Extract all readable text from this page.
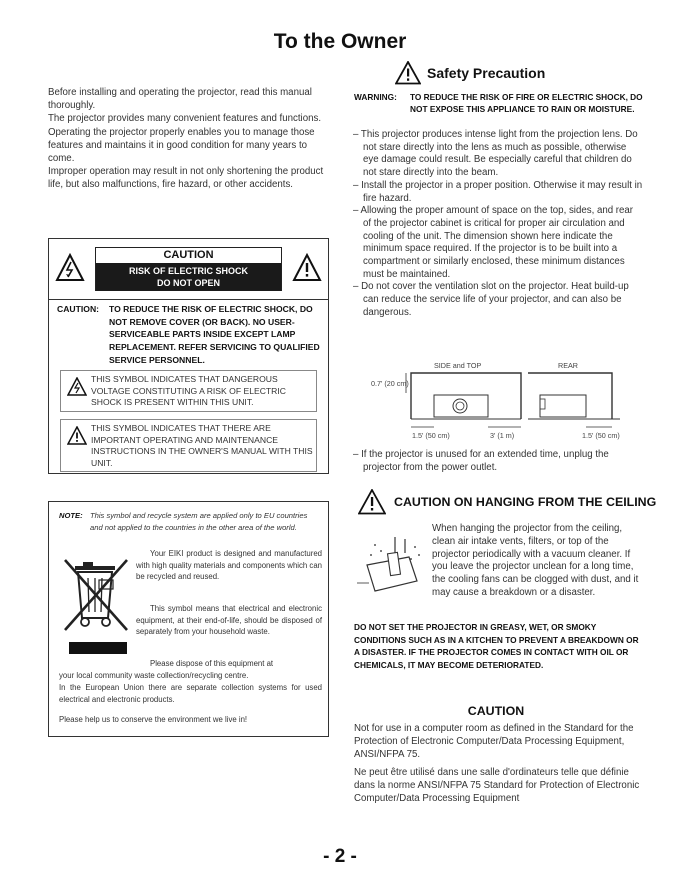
To the Owner

Before installing and operating the projector, read this manual thoroughly.

The projector provides many convenient features and functions. Operating the projector properly enables you to manage those features and maintains it in good condition for many years to come.

Improper operation may result in not only shortening the product life, but also malfunctions, fire hazard, or other accidents.

CAUTION
RISK OF ELECTRIC SHOCK
DO NOT OPEN
CAUTION: TO REDUCE THE RISK OF ELECTRIC SHOCK, DO NOT REMOVE COVER (OR BACK). NO USER-SERVICEABLE PARTS INSIDE EXCEPT LAMP REPLACEMENT. REFER SERVICING TO QUALIFIED SERVICE PERSONNEL.
THIS SYMBOL INDICATES THAT DANGEROUS VOLTAGE CONSTITUTING A RISK OF ELECTRIC SHOCK IS PRESENT WITHIN THIS UNIT.
THIS SYMBOL INDICATES THAT THERE ARE IMPORTANT OPERATING AND MAINTENANCE INSTRUCTIONS IN THE OWNER'S MANUAL WITH THIS UNIT.
NOTE: This symbol and recycle system are applied only to EU countries and not applied to the countries in the other area of the world.
Your EIKI product is designed and manufactured with high quality materials and components which can be recycled and reused.
This symbol means that electrical and electronic equipment, at their end-of-life, should be disposed of separately from your household waste.
Please dispose of this equipment at
your local community waste collection/recycling centre.
In the European Union there are separate collection systems for used electrical and electronic products.
Please help us to conserve the environment we live in!
Safety Precaution
WARNING: TO REDUCE THE RISK OF FIRE OR ELECTRIC SHOCK, DO NOT EXPOSE THIS APPLIANCE TO RAIN OR MOISTURE.
– This projector produces intense light from the projection lens. Do not stare directly into the lens as much as possible, otherwise eye damage could result. Be especially careful that children do not stare directly into the beam.
– Install the projector in a proper position. Otherwise it may result in fire hazard.
– Allowing the proper amount of space on the top, sides, and rear of the projector cabinet is critical for proper air circulation and cooling of the unit. The dimension shown here indicate the minimum space required. If the projector is to be built into a compartment or similarly enclosed, these minimum distances must be maintained.
– Do not cover the ventilation slot on the projector. Heat build-up can reduce the service life of your projector, and can also be dangerous.
SIDE and TOP	REAR
0.7' (20 cm)
1.5' (50 cm)	3' (1 m)	1.5' (50 cm)
– If the projector is unused for an extended time, unplug the projector from the power outlet.
CAUTION ON HANGING FROM THE CEILING
When hanging the projector from the ceiling, clean air intake vents, filters, or top of the projector periodically with a vacuum cleaner. If you leave the projector unclean for a long time, the cooling fans can be clogged with dust, and it may cause a breakdown or a disaster.
DO NOT SET THE PROJECTOR IN GREASY, WET, OR SMOKY CONDITIONS SUCH AS IN A KITCHEN TO PREVENT A BREAKDOWN OR A DISASTER. IF THE PROJECTOR COMES IN CONTACT WITH OIL OR CHEMICALS, IT MAY BECOME DETERIORATED.
CAUTION
Not for use in a computer room as defined in the Standard for the Protection of Electronic Computer/Data Processing Equipment, ANSI/NFPA 75.
Ne peut être utilisé dans une salle d'ordinateurs telle que définie dans la norme ANSI/NFPA 75 Standard for Protection of Electronic Computer/Data Processing Equipment
- 2 -
